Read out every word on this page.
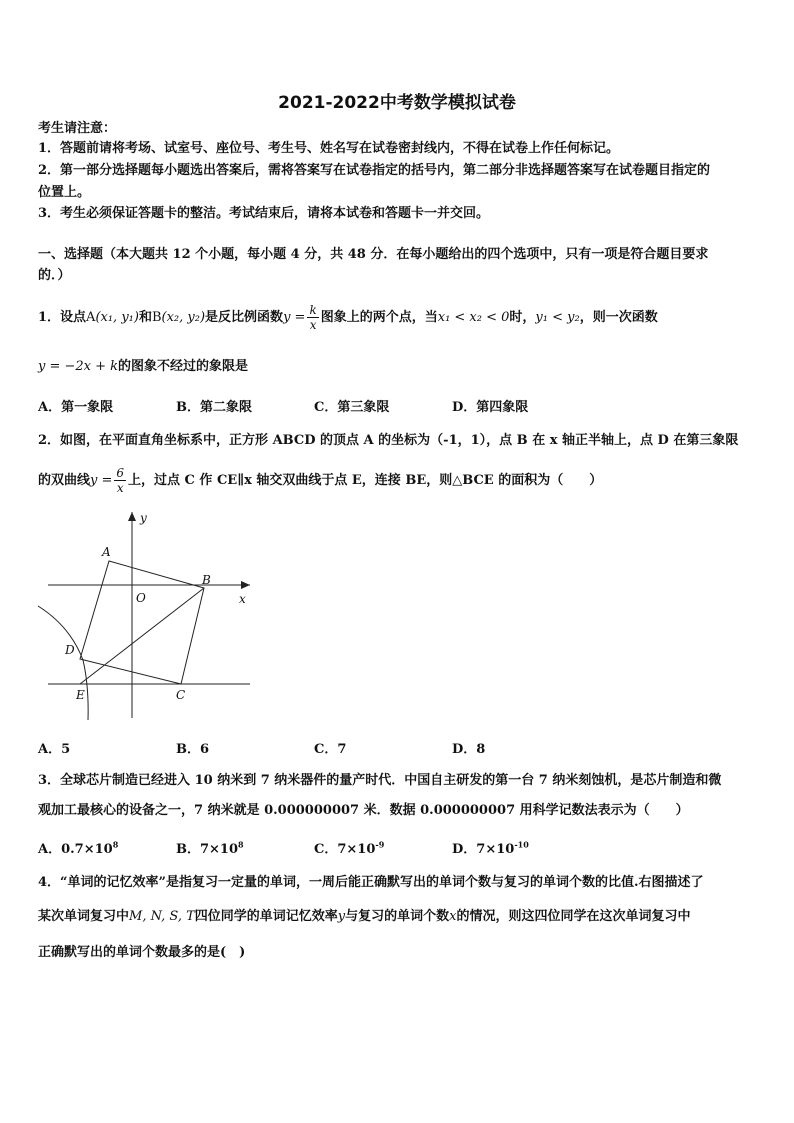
2021-2022中考数学模拟试卷
考生请注意：
1．答题前请将考场、试室号、座位号、考生号、姓名写在试卷密封线内，不得在试卷上作任何标记。
2．第一部分选择题每小题选出答案后，需将答案写在试卷指定的括号内，第二部分非选择题答案写在试卷题目指定的
位置上。
3．考生必须保证答题卡的整洁。考试结束后，请将本试卷和答题卡一并交回。
一、选择题（本大题共 12 个小题，每小题 4 分，共 48 分．在每小题给出的四个选项中，只有一项是符合题目要求
的．）
1．设点A(x₁, y₁)和B(x₂, y₂)是反比例函数$y = \frac{k}{x}$ 图象上的两个点，当x₁ < x₂ < 0时，y₁ < y₂，则一次函数
y = −2x + k的图象不经过的象限是
A．第一象限	B．第二象限	C．第三象限	D．第四象限
2．如图，在平面直角坐标系中，正方形 ABCD 的顶点 A 的坐标为（-1，1），点 B 在 x 轴正半轴上，点 D 在第三象限
的双曲线$y = \frac{6}{x}$ 上，过点 C 作 CE∥x 轴交双曲线于点 E，连接 BE，则△BCE 的面积为（　　）
y
x
O
A
B
C
D
E
A．5	B．6	C．7	D．8
3．全球芯片制造已经进入 10 纳米到 7 纳米器件的量产时代．中国自主研发的第一台 7 纳米刻蚀机，是芯片制造和微
观加工最核心的设备之一，7 纳米就是 0.000000007 米．数据 0.000000007 用科学记数法表示为（　　）
A．$0.7\times 10^8$	B．$7\times 10^8$	C．$7\times 10^{-9}$	D．$7\times 10^{-10}$
4．“单词的记忆效率”是指复习一定量的单词，一周后能正确默写出的单词个数与复习的单词个数的比值.右图描述了
某次单词复习中M, N, S, T四位同学的单词记忆效率y与复习的单词个数x的情况，则这四位同学在这次单词复习中
正确默写出的单词个数最多的是(　)
